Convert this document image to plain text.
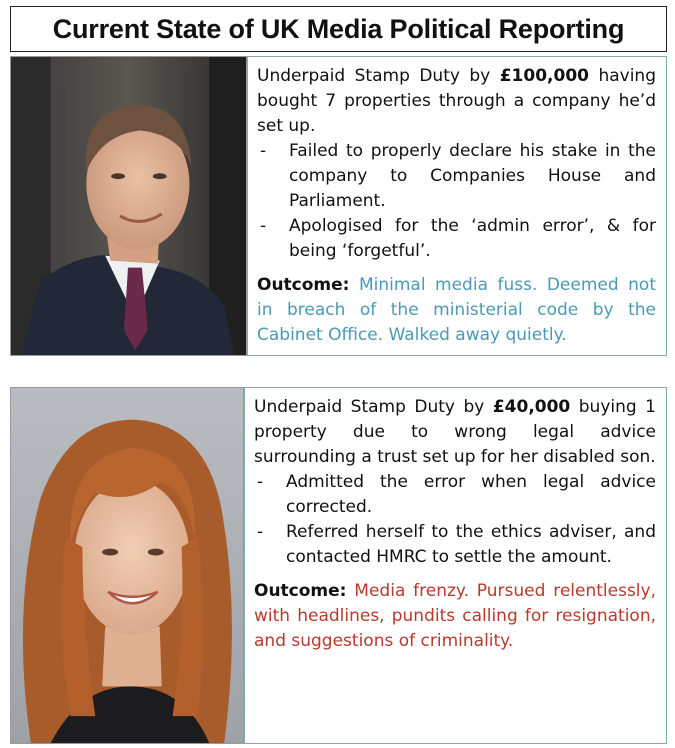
Current State of UK Media Political Reporting

Underpaid Stamp Duty by £100,000 having bought 7 properties through a company he’d set up.

- Failed to properly declare his stake in the company to Companies House and Parliament.
- Apologised for the ‘admin error’, & for being ‘forgetful’.

Outcome: Minimal media fuss. Deemed not in breach of the ministerial code by the Cabinet Office. Walked away quietly.

Underpaid Stamp Duty by £40,000 buying 1 property due to wrong legal advice surrounding a trust set up for her disabled son.

- Admitted the error when legal advice corrected.
- Referred herself to the ethics adviser, and contacted HMRC to settle the amount.

Outcome: Media frenzy. Pursued relentlessly, with headlines, pundits calling for resignation, and suggestions of criminality.
